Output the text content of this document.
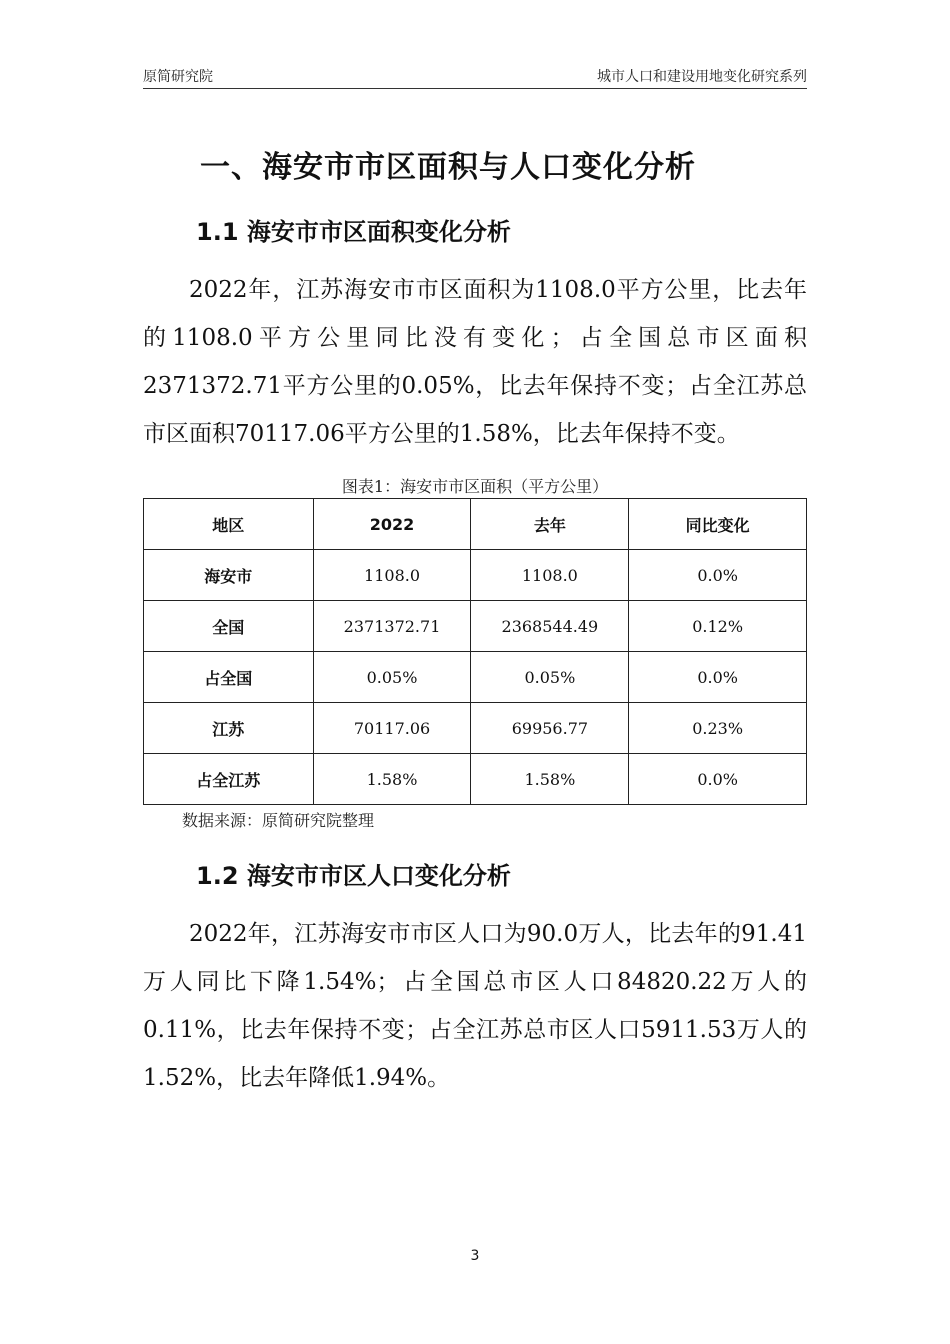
原简研究院	城市人口和建设用地变化研究系列
一、海安市市区面积与人口变化分析
1.1 海安市市区面积变化分析
2022年，江苏海安市市区面积为1108.0平方公里，比去年的1108.0平方公里同比没有变化；占全国总市区面积2371372.71平方公里的0.05%，比去年保持不变；占全江苏总市区面积70117.06平方公里的1.58%，比去年保持不变。
图表1：海安市市区面积（平方公里）
地区	2022	去年	同比变化
海安市	1108.0	1108.0	0.0%
全国	2371372.71	2368544.49	0.12%
占全国	0.05%	0.05%	0.0%
江苏	70117.06	69956.77	0.23%
占全江苏	1.58%	1.58%	0.0%
数据来源：原简研究院整理
1.2 海安市市区人口变化分析
2022年，江苏海安市市区人口为90.0万人，比去年的91.41万人同比下降1.54%；占全国总市区人口84820.22万人的0.11%，比去年保持不变；占全江苏总市区人口5911.53万人的1.52%，比去年降低1.94%。
3
